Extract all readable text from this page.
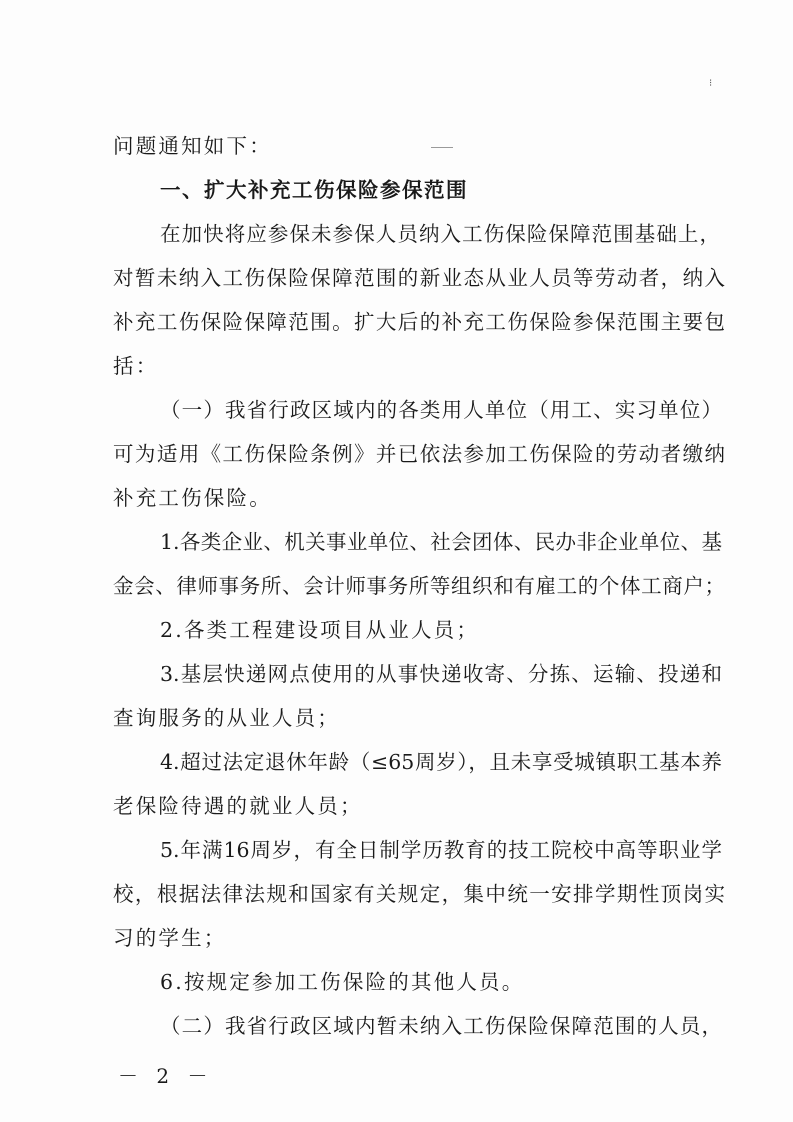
⁝
问题通知如下：
一、扩大补充工伤保险参保范围
在加快将应参保未参保人员纳入工伤保险保障范围基础上，
对暂未纳入工伤保险保障范围的新业态从业人员等劳动者，纳入
补充工伤保险保障范围。扩大后的补充工伤保险参保范围主要包
括：
（一）我省行政区域内的各类用人单位（用工、实习单位）
可为适用《工伤保险条例》并已依法参加工伤保险的劳动者缴纳
补充工伤保险。
1.各类企业、机关事业单位、社会团体、民办非企业单位、基
金会、律师事务所、会计师事务所等组织和有雇工的个体工商户；
2.各类工程建设项目从业人员；
3.基层快递网点使用的从事快递收寄、分拣、运输、投递和
查询服务的从业人员；
4.超过法定退休年龄（≤65周岁），且未享受城镇职工基本养
老保险待遇的就业人员；
5.年满16周岁，有全日制学历教育的技工院校中高等职业学
校，根据法律法规和国家有关规定，集中统一安排学期性顶岗实
习的学生；
6.按规定参加工伤保险的其他人员。
（二）我省行政区域内暂未纳入工伤保险保障范围的人员，
－ 2 －
